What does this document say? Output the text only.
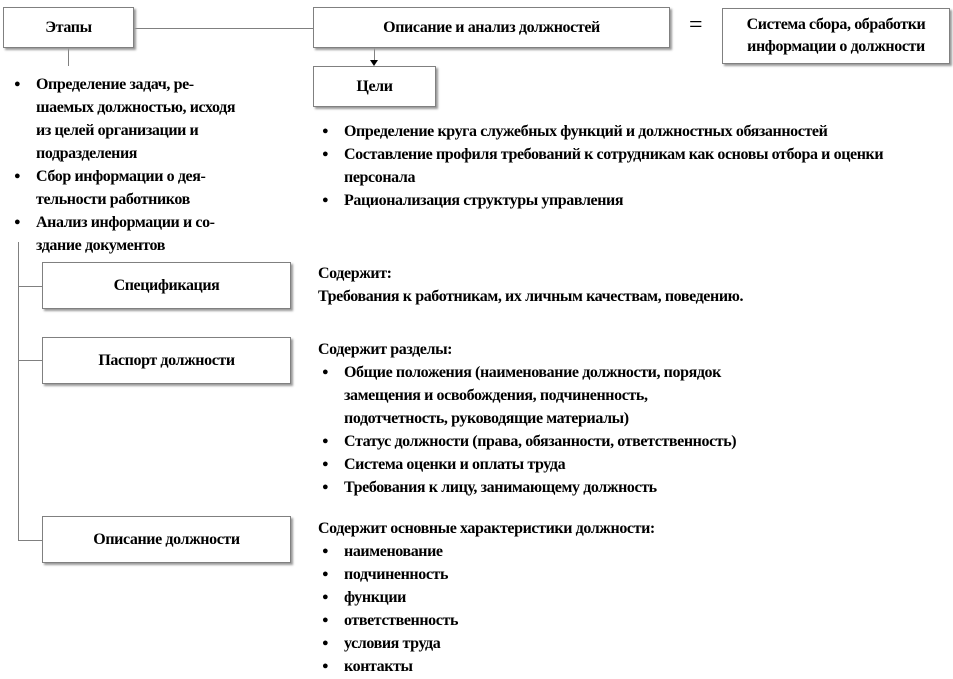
Этапы	Описание и анализ должностей	=	Система сбора, обработки
информации о должности
Цели
● Определение задач, ре-
шаемых должностью, исходя
из целей организации и
подразделения
● Сбор информации о дея-
тельности работников
● Анализ информации и со-
здание документов
● Определение круга служебных функций и должностных обязанностей
● Составление профиля требований к сотрудникам как основы отбора и оценки
персонала
● Рационализация структуры управления
Спецификация
Содержит:
Требования к работникам, их личным качествам, поведению.
Паспорт должности
Содержит разделы:
● Общие положения (наименование должности, порядок
замещения и освобождения, подчиненность,
подотчетность, руководящие материалы)
● Статус должности (права, обязанности, ответственность)
● Система оценки и оплаты труда
● Требования к лицу, занимающему должность
Описание должности
Содержит основные характеристики должности:
● наименование
● подчиненность
● функции
● ответственность
● условия труда
● контакты
